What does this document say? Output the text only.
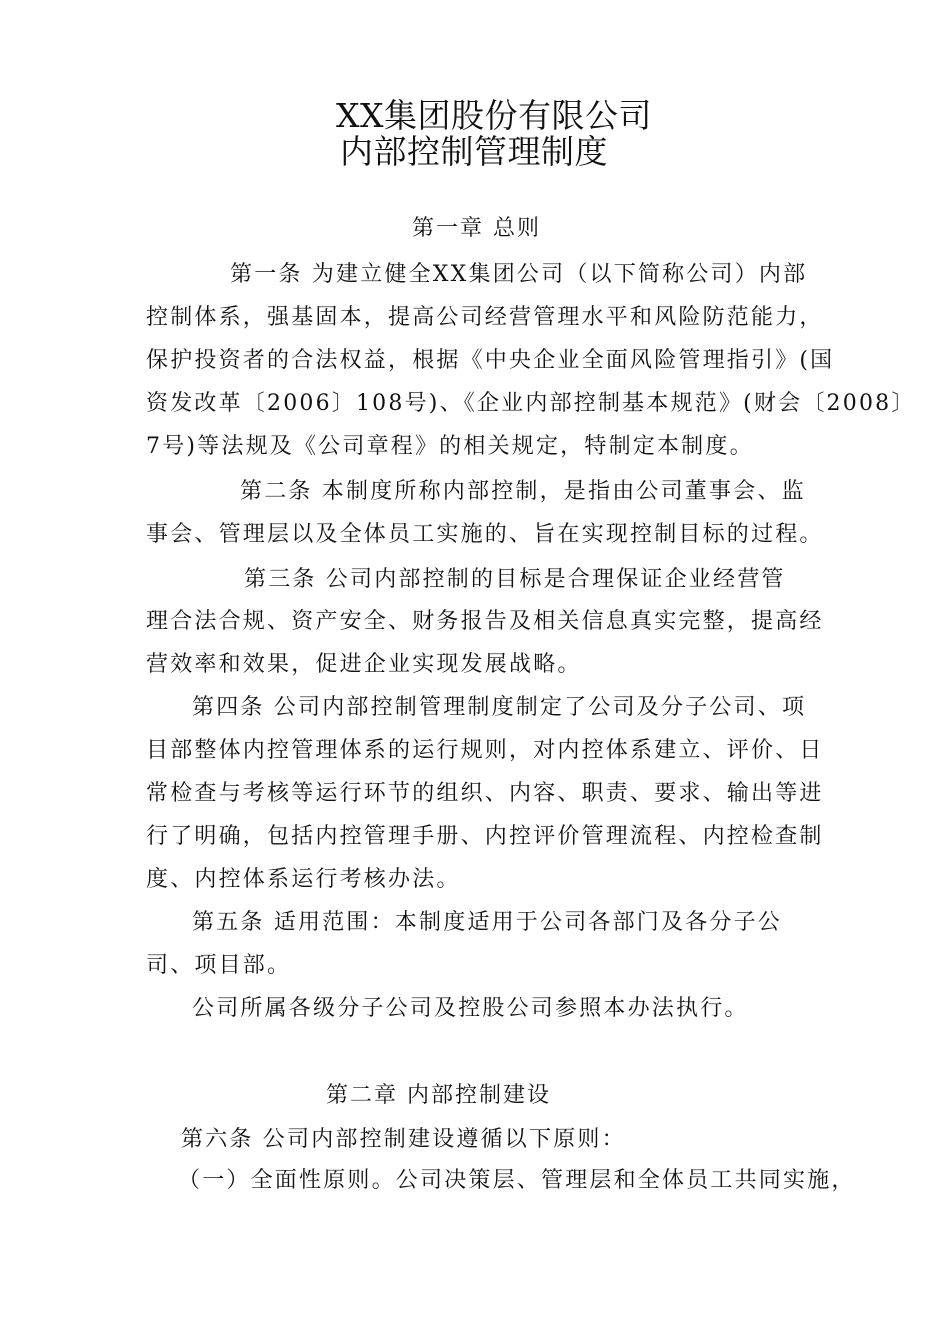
XX集团股份有限公司
内部控制管理制度
第一章 总则
第一条 为建立健全XX集团公司（以下简称公司）内部
控制体系，强基固本，提高公司经营管理水平和风险防范能力，
保护投资者的合法权益，根据《中央企业全面风险管理指引》(国
资发改革〔2006〕108号)、《企业内部控制基本规范》(财会〔2008〕
7号)等法规及《公司章程》的相关规定，特制定本制度。
第二条 本制度所称内部控制，是指由公司董事会、监
事会、管理层以及全体员工实施的、旨在实现控制目标的过程。
第三条 公司内部控制的目标是合理保证企业经营管
理合法合规、资产安全、财务报告及相关信息真实完整，提高经
营效率和效果，促进企业实现发展战略。
第四条 公司内部控制管理制度制定了公司及分子公司、项
目部整体内控管理体系的运行规则，对内控体系建立、评价、日
常检查与考核等运行环节的组织、内容、职责、要求、输出等进
行了明确，包括内控管理手册、内控评价管理流程、内控检查制
度、内控体系运行考核办法。
第五条 适用范围：本制度适用于公司各部门及各分子公
司、项目部。
公司所属各级分子公司及控股公司参照本办法执行。
第二章 内部控制建设
第六条 公司内部控制建设遵循以下原则：
（一）全面性原则。公司决策层、管理层和全体员工共同实施，
